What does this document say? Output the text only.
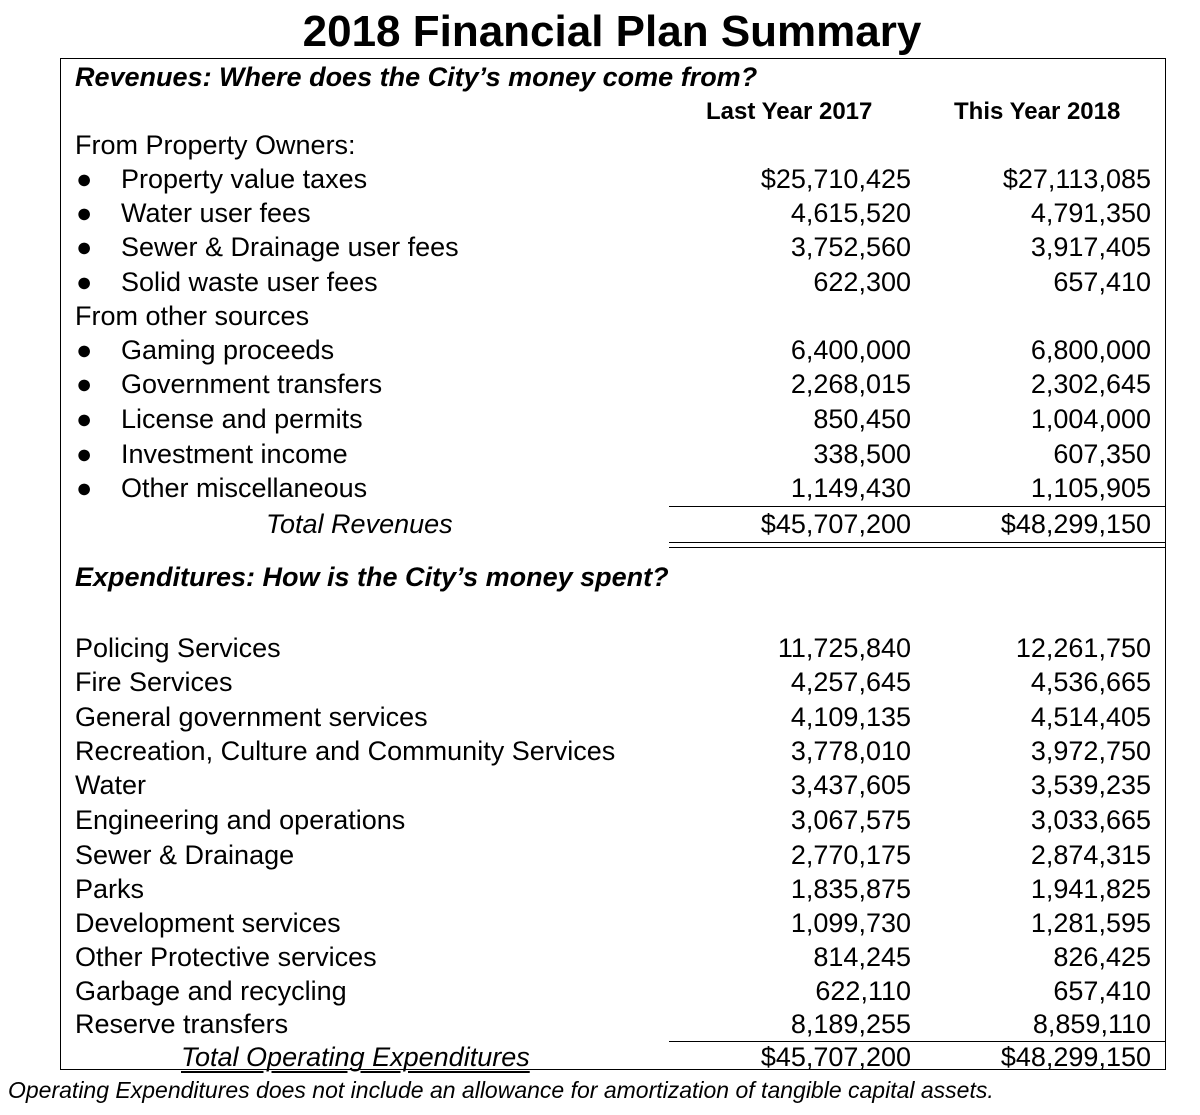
2018 Financial Plan Summary
Revenues: Where does the City’s money come from?
Last Year 2017	This Year 2018
From Property Owners:
● Property value taxes	$25,710,425	$27,113,085
● Water user fees	4,615,520	4,791,350
● Sewer & Drainage user fees	3,752,560	3,917,405
● Solid waste user fees	622,300	657,410
From other sources
● Gaming proceeds	6,400,000	6,800,000
● Government transfers	2,268,015	2,302,645
● License and permits	850,450	1,004,000
● Investment income	338,500	607,350
● Other miscellaneous	1,149,430	1,105,905
Total Revenues	$45,707,200	$48,299,150
Expenditures: How is the City’s money spent?
Policing Services	11,725,840	12,261,750
Fire Services	4,257,645	4,536,665
General government services	4,109,135	4,514,405
Recreation, Culture and Community Services	3,778,010	3,972,750
Water	3,437,605	3,539,235
Engineering and operations	3,067,575	3,033,665
Sewer & Drainage	2,770,175	2,874,315
Parks	1,835,875	1,941,825
Development services	1,099,730	1,281,595
Other Protective services	814,245	826,425
Garbage and recycling	622,110	657,410
Reserve transfers	8,189,255	8,859,110
Total Operating Expenditures	$45,707,200	$48,299,150
Operating Expenditures does not include an allowance for amortization of tangible capital assets.
